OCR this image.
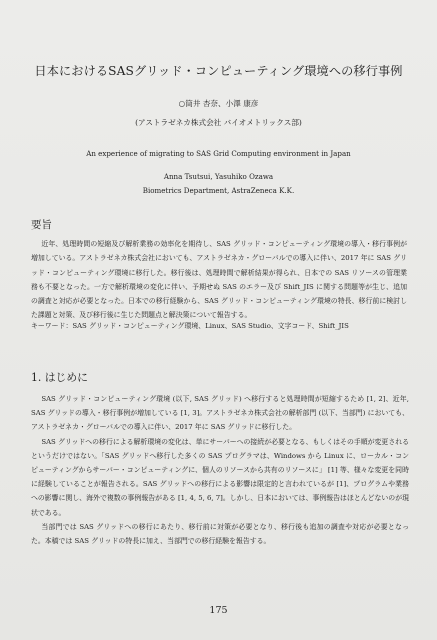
日本におけるSASグリッド・コンピューティング環境への移行事例
○筒井 杏奈、小澤 康彦
(アストラゼネカ株式会社 バイオメトリックス部)
An experience of migrating to SAS Grid Computing environment in Japan
Anna Tsutsui, Yasuhiko Ozawa
Biometrics Department, AstraZeneca K.K.
要旨

近年、処理時間の短縮及び解析業務の効率化を期待し、SAS グリッド・コンピューティング環境の導入・移行事例が増加している。アストラゼネカ株式会社においても、アストラゼネカ・グローバルでの導入に伴い、2017 年に SAS グリッド・コンピューティング環境に移行した。移行後は、処理時間で解析結果が得られ、日本での SAS リソースの管理業務も不要となった。一方で解析環境の変化に伴い、予期せぬ SAS のエラー及び Shift_JIS に関する問題等が生じ、追加の調査と対応が必要となった。日本での移行経験から、SAS グリッド・コンピューティング環境の特長、移行前に検討した課題と対策、及び移行後に生じた問題点と解決策について報告する。

キーワード：SAS グリッド・コンピューティング環境、Linux、SAS Studio、文字コード、Shift_JIS
1. はじめに

SAS グリッド・コンピューティング環境 (以下, SAS グリッド) へ移行すると処理時間が短縮するため [1, 2]、近年, SAS グリッドの導入・移行事例が増加している [1, 3]。アストラゼネカ株式会社の解析部門 (以下、当部門) においても、アストラゼネカ・グローバルでの導入に伴い、2017 年に SAS グリッドに移行した。

SAS グリッドへの移行による解析環境の変化は、単にサーバーへの接続が必要となる、もしくはその手順が変更されるというだけではない。「SAS グリッドへ移行した多くの SAS プログラマは、Windows から Linux に、ローカル・コンピューティングからサーバー・コンピューティングに、個人のリソースから共有のリソースに」 [1] 等、様々な変更を同時に経験していることが報告される。SAS グリッドへの移行による影響は限定的と言われているが [1]、プログラムや業務への影響に関し、海外で複数の事例報告がある [1, 4, 5, 6, 7]。しかし、日本においては、事例報告はほとんどないのが現状である。

当部門では SAS グリッドへの移行にあたり、移行前に対策が必要となり、移行後も追加の調査や対応が必要となった。本稿では SAS グリッドの特長に加え、当部門での移行経験を報告する。

175
